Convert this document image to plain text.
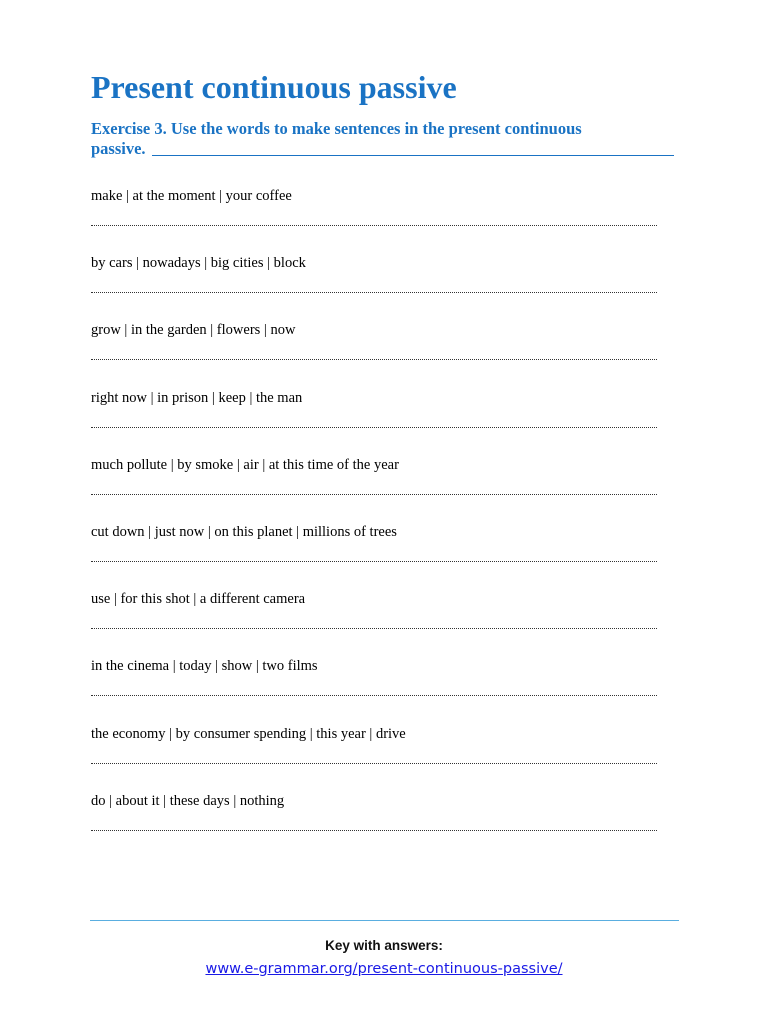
Present continuous passive
Exercise 3. Use the words to make sentences in the present continuous
passive.
make | at the moment | your coffee
by cars | nowadays | big cities | block
grow | in the garden | flowers | now
right now | in prison | keep | the man
much pollute | by smoke | air | at this time of the year
cut down | just now | on this planet | millions of trees
use | for this shot | a different camera
in the cinema | today | show | two films
the economy | by consumer spending | this year | drive
do | about it | these days | nothing
Key with answers:
www.e-grammar.org/present-continuous-passive/
